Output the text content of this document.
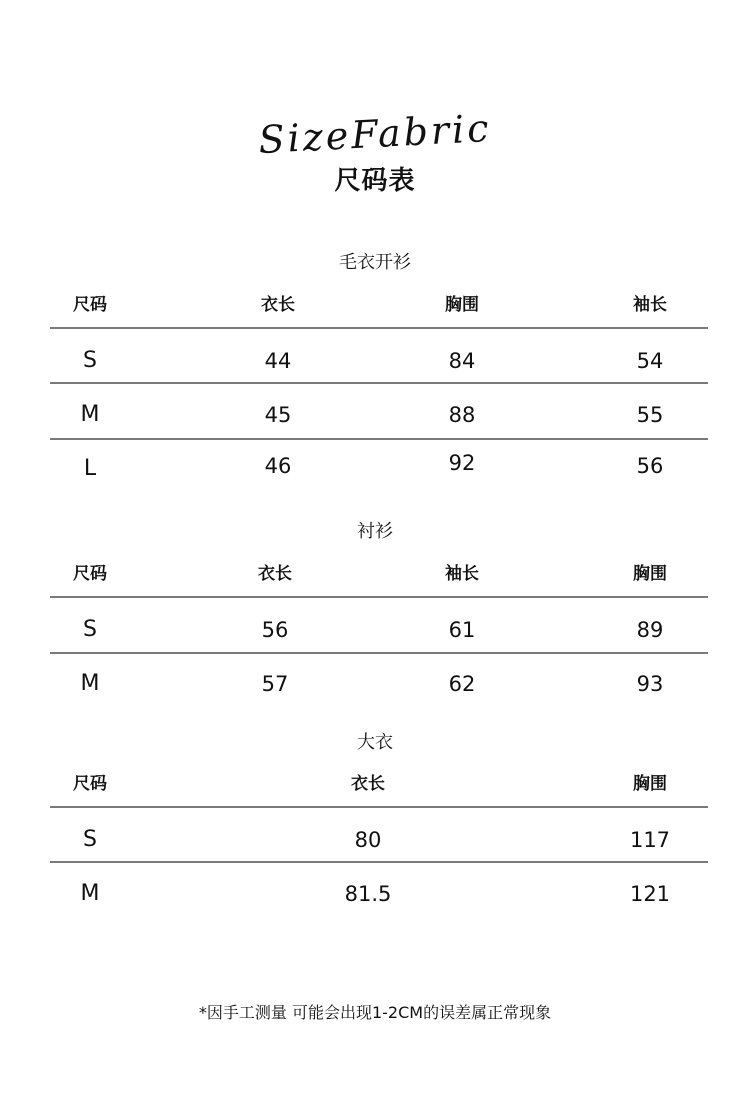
SizeFabric
尺码表
毛衣开衫
尺码	衣长	胸围	袖长
S	44	84	54
M	45	88	55
L	46	92	56
衬衫
尺码	衣长	袖长	胸围
S	56	61	89
M	57	62	93
大衣
尺码	衣长	胸围
S	80	117
M	81.5	121
*因手工测量 可能会出现1-2CM的误差属正常现象
